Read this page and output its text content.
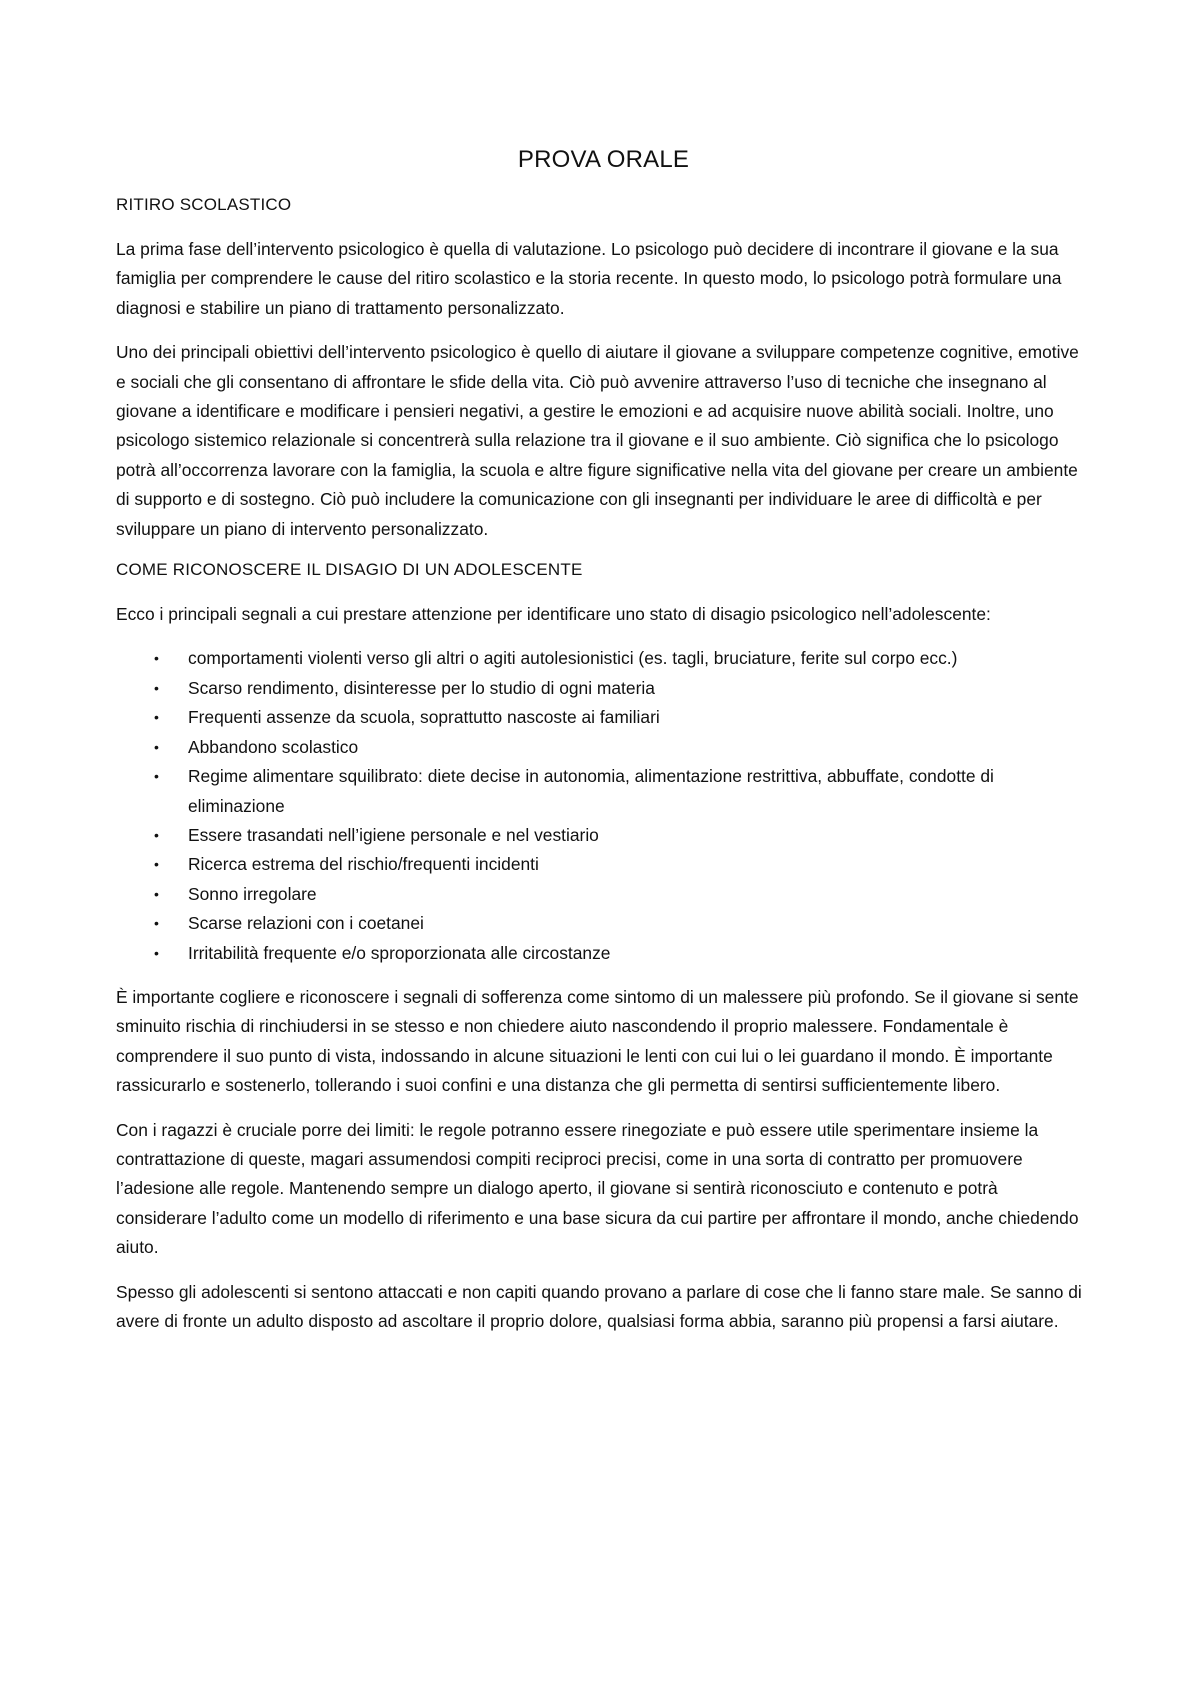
PROVA ORALE
RITIRO SCOLASTICO

La prima fase dell’intervento psicologico è quella di valutazione. Lo psicologo può decidere di incontrare il giovane e la sua famiglia per comprendere le cause del ritiro scolastico e la storia recente. In questo modo, lo psicologo potrà formulare una diagnosi e stabilire un piano di trattamento personalizzato.

Uno dei principali obiettivi dell’intervento psicologico è quello di aiutare il giovane a sviluppare competenze cognitive, emotive e sociali che gli consentano di affrontare le sfide della vita. Ciò può avvenire attraverso l’uso di tecniche che insegnano al giovane a identificare e modificare i pensieri negativi, a gestire le emozioni e ad acquisire nuove abilità sociali. Inoltre, uno psicologo sistemico relazionale si concentrerà sulla relazione tra il giovane e il suo ambiente. Ciò significa che lo psicologo potrà all’occorrenza lavorare con la famiglia, la scuola e altre figure significative nella vita del giovane per creare un ambiente di supporto e di sostegno. Ciò può includere la comunicazione con gli insegnanti per individuare le aree di difficoltà e per sviluppare un piano di intervento personalizzato.

COME RICONOSCERE IL DISAGIO DI UN ADOLESCENTE

Ecco i principali segnali a cui prestare attenzione per identificare uno stato di disagio psicologico nell’adolescente:

• comportamenti violenti verso gli altri o agiti autolesionistici (es. tagli, bruciature, ferite sul corpo ecc.)
• Scarso rendimento, disinteresse per lo studio di ogni materia
• Frequenti assenze da scuola, soprattutto nascoste ai familiari
• Abbandono scolastico
• Regime alimentare squilibrato: diete decise in autonomia, alimentazione restrittiva, abbuffate, condotte di eliminazione
• Essere trasandati nell’igiene personale e nel vestiario
• Ricerca estrema del rischio/frequenti incidenti
• Sonno irregolare
• Scarse relazioni con i coetanei
• Irritabilità frequente e/o sproporzionata alle circostanze

È importante cogliere e riconoscere i segnali di sofferenza come sintomo di un malessere più profondo. Se il giovane si sente sminuito rischia di rinchiudersi in se stesso e non chiedere aiuto nascondendo il proprio malessere. Fondamentale è comprendere il suo punto di vista, indossando in alcune situazioni le lenti con cui lui o lei guardano il mondo. È importante rassicurarlo e sostenerlo, tollerando i suoi confini e una distanza che gli permetta di sentirsi sufficientemente libero.

Con i ragazzi è cruciale porre dei limiti: le regole potranno essere rinegoziate e può essere utile sperimentare insieme la contrattazione di queste, magari assumendosi compiti reciproci precisi, come in una sorta di contratto per promuovere l’adesione alle regole. Mantenendo sempre un dialogo aperto, il giovane si sentirà riconosciuto e contenuto e potrà considerare l’adulto come un modello di riferimento e una base sicura da cui partire per affrontare il mondo, anche chiedendo aiuto.

Spesso gli adolescenti si sentono attaccati e non capiti quando provano a parlare di cose che li fanno stare male. Se sanno di avere di fronte un adulto disposto ad ascoltare il proprio dolore, qualsiasi forma abbia, saranno più propensi a farsi aiutare.
